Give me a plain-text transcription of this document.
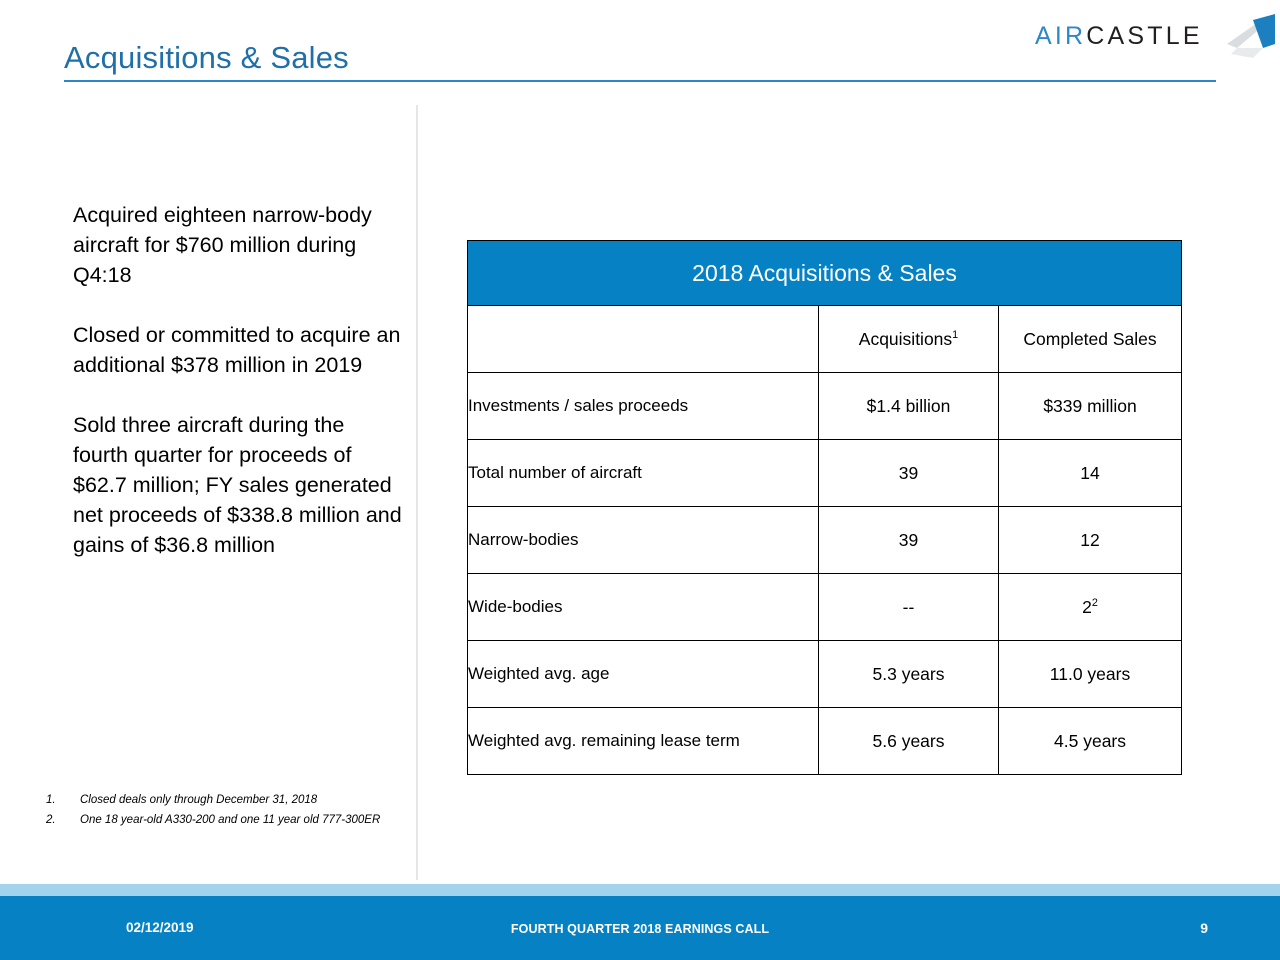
Acquisitions & Sales
AIRCASTLE

Acquired eighteen narrow-body aircraft for $760 million during Q4:18

Closed or committed to acquire an additional $378 million in 2019

Sold three aircraft during the fourth quarter for proceeds of $62.7 million; FY sales generated net proceeds of $338.8 million and gains of $36.8 million

1.	Closed deals only through December 31, 2018
2.	One 18 year-old A330-200 and one 11 year old 777-300ER
2018 Acquisitions & Sales		
	Acquisitions$^1$	Completed Sales
Investments / sales proceeds	$1.4 billion	$339 million
Total number of aircraft	39	14
Narrow-bodies	39	12
Wide-bodies	--	$2^2$
Weighted avg. age	5.3 years	11.0 years
Weighted avg. remaining lease term	5.6 years	4.5 years
02/12/2019	FOURTH QUARTER 2018 EARNINGS CALL	9
